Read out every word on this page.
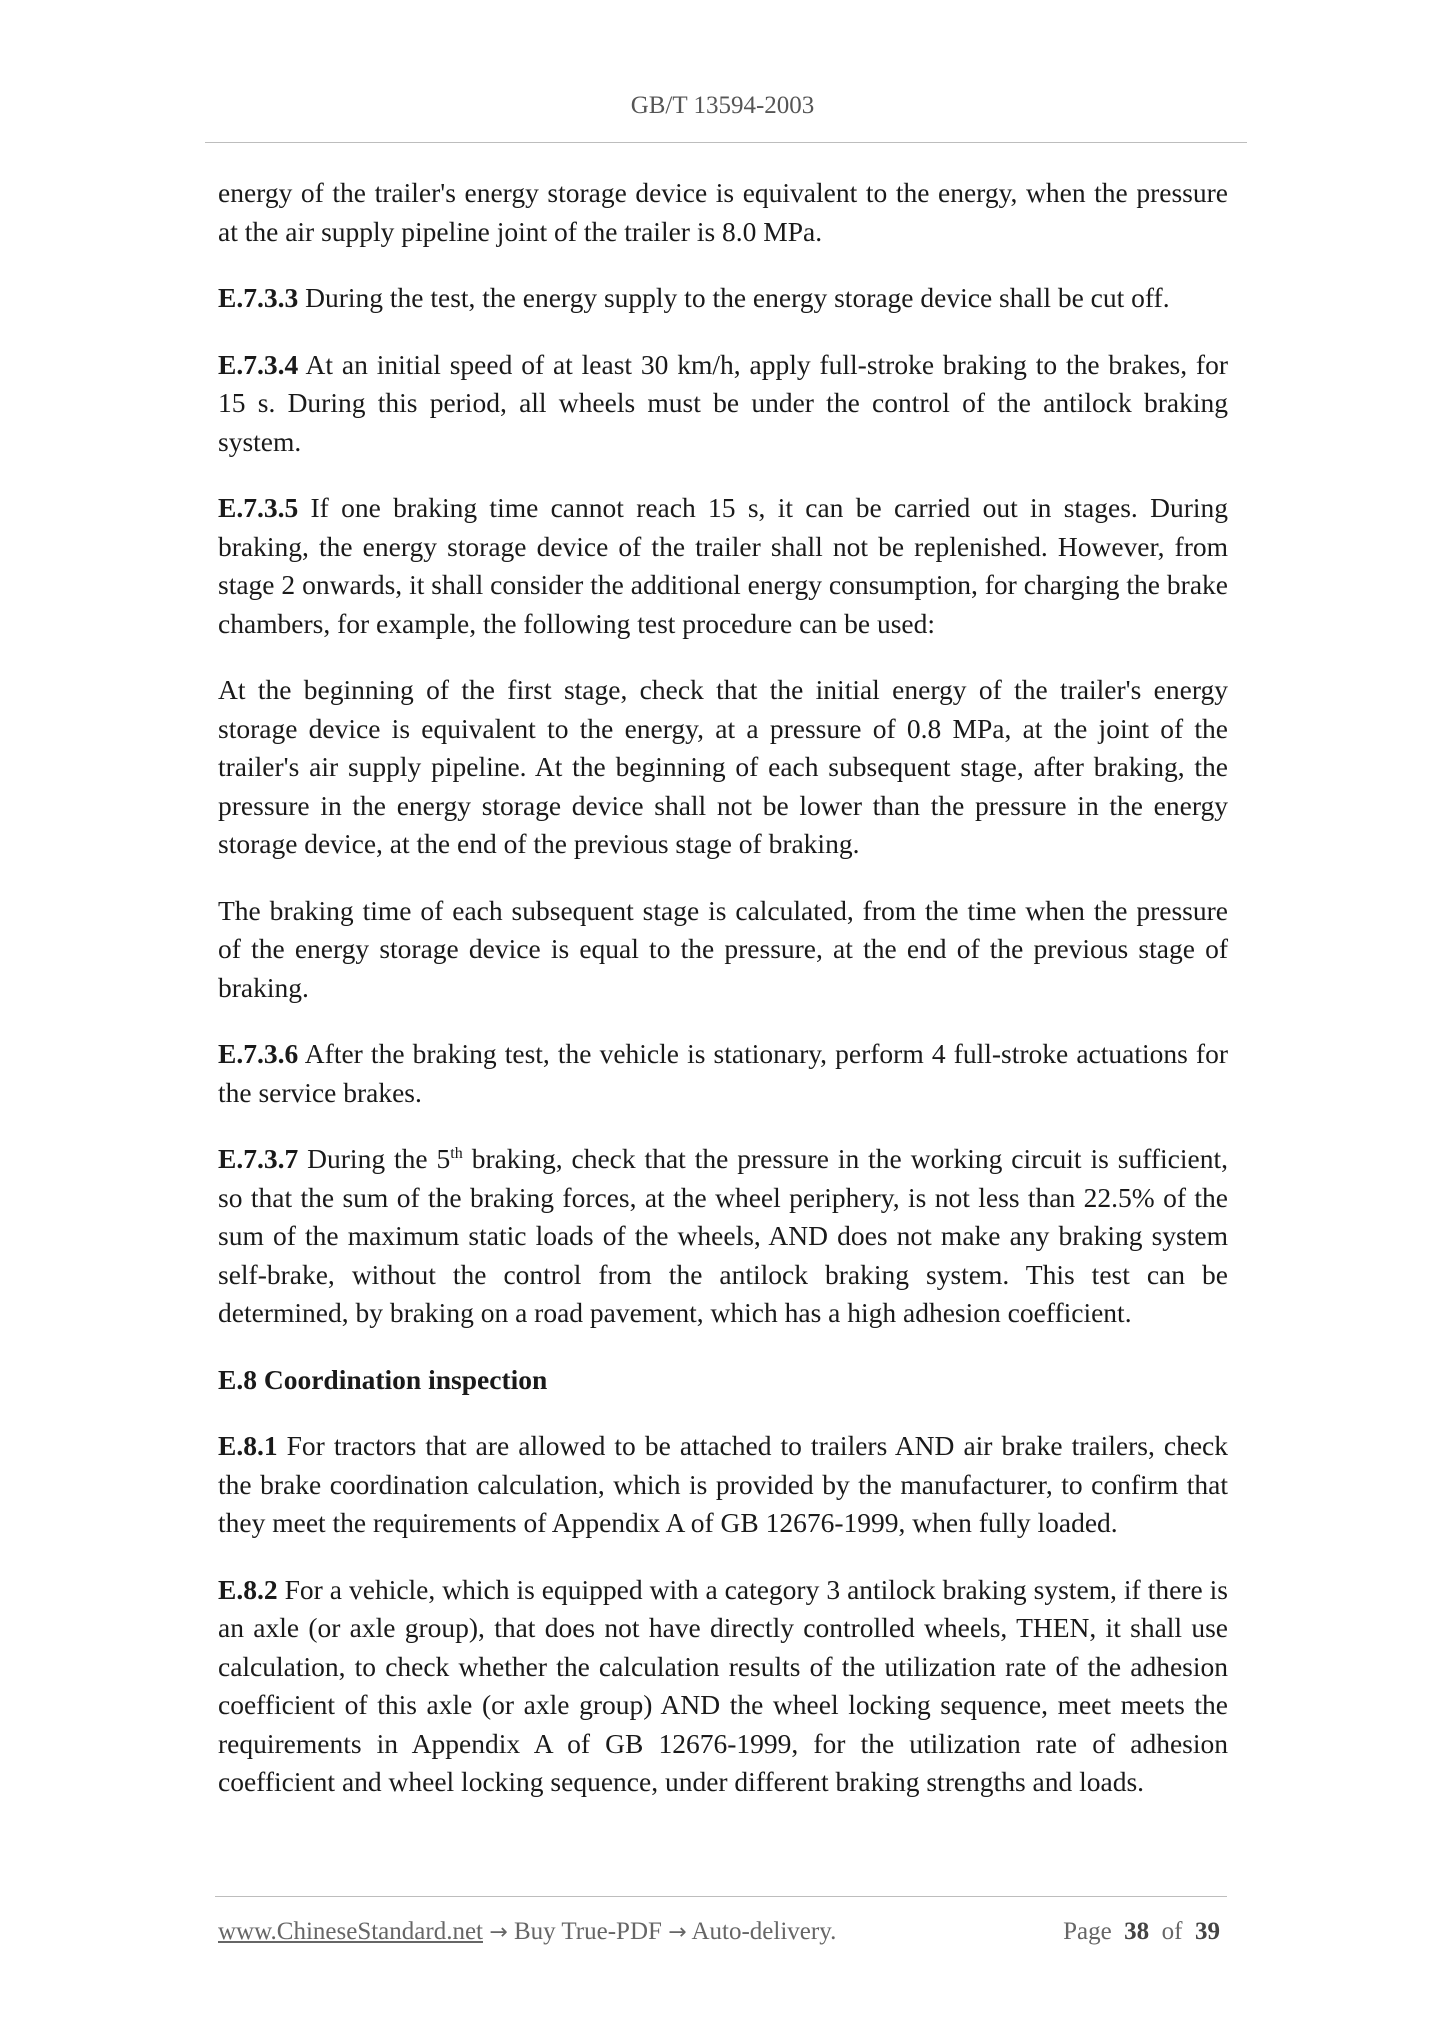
GB/T 13594-2003

energy of the trailer's energy storage device is equivalent to the energy, when the pressure at the air supply pipeline joint of the trailer is 8.0 MPa.

E.7.3.3 During the test, the energy supply to the energy storage device shall be cut off.

E.7.3.4 At an initial speed of at least 30 km/h, apply full-stroke braking to the brakes, for 15 s. During this period, all wheels must be under the control of the antilock braking system.

E.7.3.5 If one braking time cannot reach 15 s, it can be carried out in stages. During braking, the energy storage device of the trailer shall not be replenished. However, from stage 2 onwards, it shall consider the additional energy consumption, for charging the brake chambers, for example, the following test procedure can be used:

At the beginning of the first stage, check that the initial energy of the trailer's energy storage device is equivalent to the energy, at a pressure of 0.8 MPa, at the joint of the trailer's air supply pipeline. At the beginning of each subsequent stage, after braking, the pressure in the energy storage device shall not be lower than the pressure in the energy storage device, at the end of the previous stage of braking.

The braking time of each subsequent stage is calculated, from the time when the pressure of the energy storage device is equal to the pressure, at the end of the previous stage of braking.

E.7.3.6 After the braking test, the vehicle is stationary, perform 4 full-stroke actuations for the service brakes.

E.7.3.7 During the 5th braking, check that the pressure in the working circuit is sufficient, so that the sum of the braking forces, at the wheel periphery, is not less than 22.5% of the sum of the maximum static loads of the wheels, AND does not make any braking system self-brake, without the control from the antilock braking system. This test can be determined, by braking on a road pavement, which has a high adhesion coefficient.

E.8 Coordination inspection

E.8.1 For tractors that are allowed to be attached to trailers AND air brake trailers, check the brake coordination calculation, which is provided by the manufacturer, to confirm that they meet the requirements of Appendix A of GB 12676-1999, when fully loaded.

E.8.2 For a vehicle, which is equipped with a category 3 antilock braking system, if there is an axle (or axle group), that does not have directly controlled wheels, THEN, it shall use calculation, to check whether the calculation results of the utilization rate of the adhesion coefficient of this axle (or axle group) AND the wheel locking sequence, meet meets the requirements in Appendix A of GB 12676-1999, for the utilization rate of adhesion coefficient and wheel locking sequence, under different braking strengths and loads.

www.ChineseStandard.net → Buy True-PDF → Auto-delivery.	Page 38 of 39
